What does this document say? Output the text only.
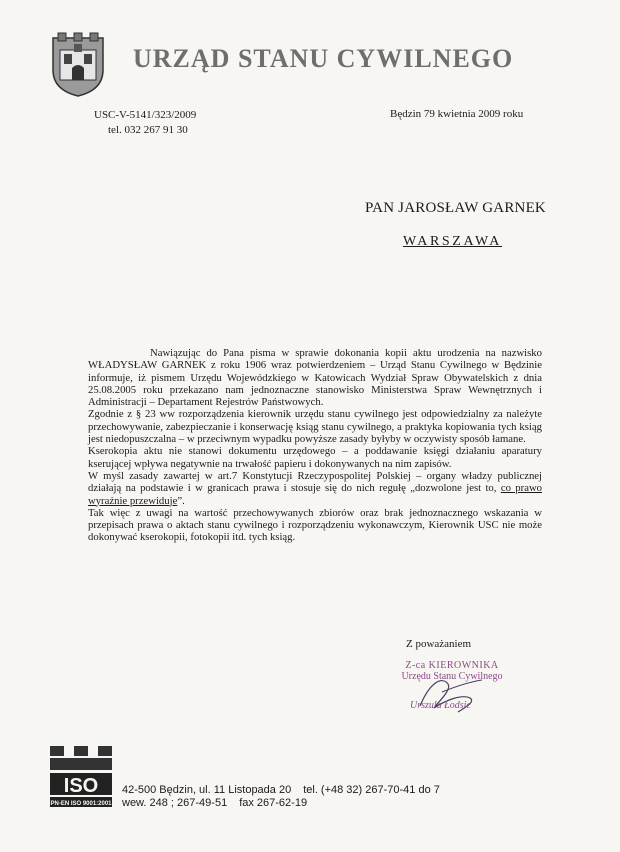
URZĄD STANU CYWILNEGO
USC-V-5141/323/2009
tel. 032 267 91 30
Będzin 79 kwietnia 2009 roku
PAN JAROSŁAW GARNEK
WARSZAWA

Nawiązując do Pana pisma w sprawie dokonania kopii aktu urodzenia na nazwisko WŁADYSŁAW GARNEK z roku 1906 wraz potwierdzeniem – Urząd Stanu Cywilnego w Będzinie informuje, iż pismem Urzędu Wojewódzkiego w Katowicach Wydział Spraw Obywatelskich z dnia 25.08.2005 roku przekazano nam jednoznaczne stanowisko Ministerstwa Spraw Wewnętrznych i Administracji – Departament Rejestrów Państwowych.

Zgodnie z § 23 ww rozporządzenia kierownik urzędu stanu cywilnego jest odpowiedzialny za należyte przechowywanie, zabezpieczanie i konserwację ksiąg stanu cywilnego, a praktyka kopiowania tych ksiąg jest niedopuszczalna – w przeciwnym wypadku powyższe zasady byłyby w oczywisty sposób łamane.

Kserokopia aktu nie stanowi dokumentu urzędowego – a poddawanie księgi działaniu aparatury kserującej wpływa negatywnie na trwałość papieru i dokonywanych na nim zapisów.

W myśl zasady zawartej w art.7 Konstytucji Rzeczypospolitej Polskiej – organy władzy publicznej działają na podstawie i w granicach prawa i stosuje się do nich regułę „dozwolone jest to, co prawo wyraźnie przewiduje”.

Tak więc z uwagi na wartość przechowywanych zbiorów oraz brak jednoznacznego wskazania w przepisach prawa o aktach stanu cywilnego i rozporządzeniu wykonawczym, Kierownik USC nie może dokonywać kserokopii, fotokopii itd. tych ksiąg.

Z poważaniem
Z-ca KIEROWNIKA
Urzędu Stanu Cywilnego
Urszula Łodsic
ISO
PN-EN ISO 9001:2001
42-500 Będzin, ul. 11 Listopada 20 tel. (+48 32) 267-70-41 do 7
wew. 248 ; 267-49-51 fax 267-62-19
